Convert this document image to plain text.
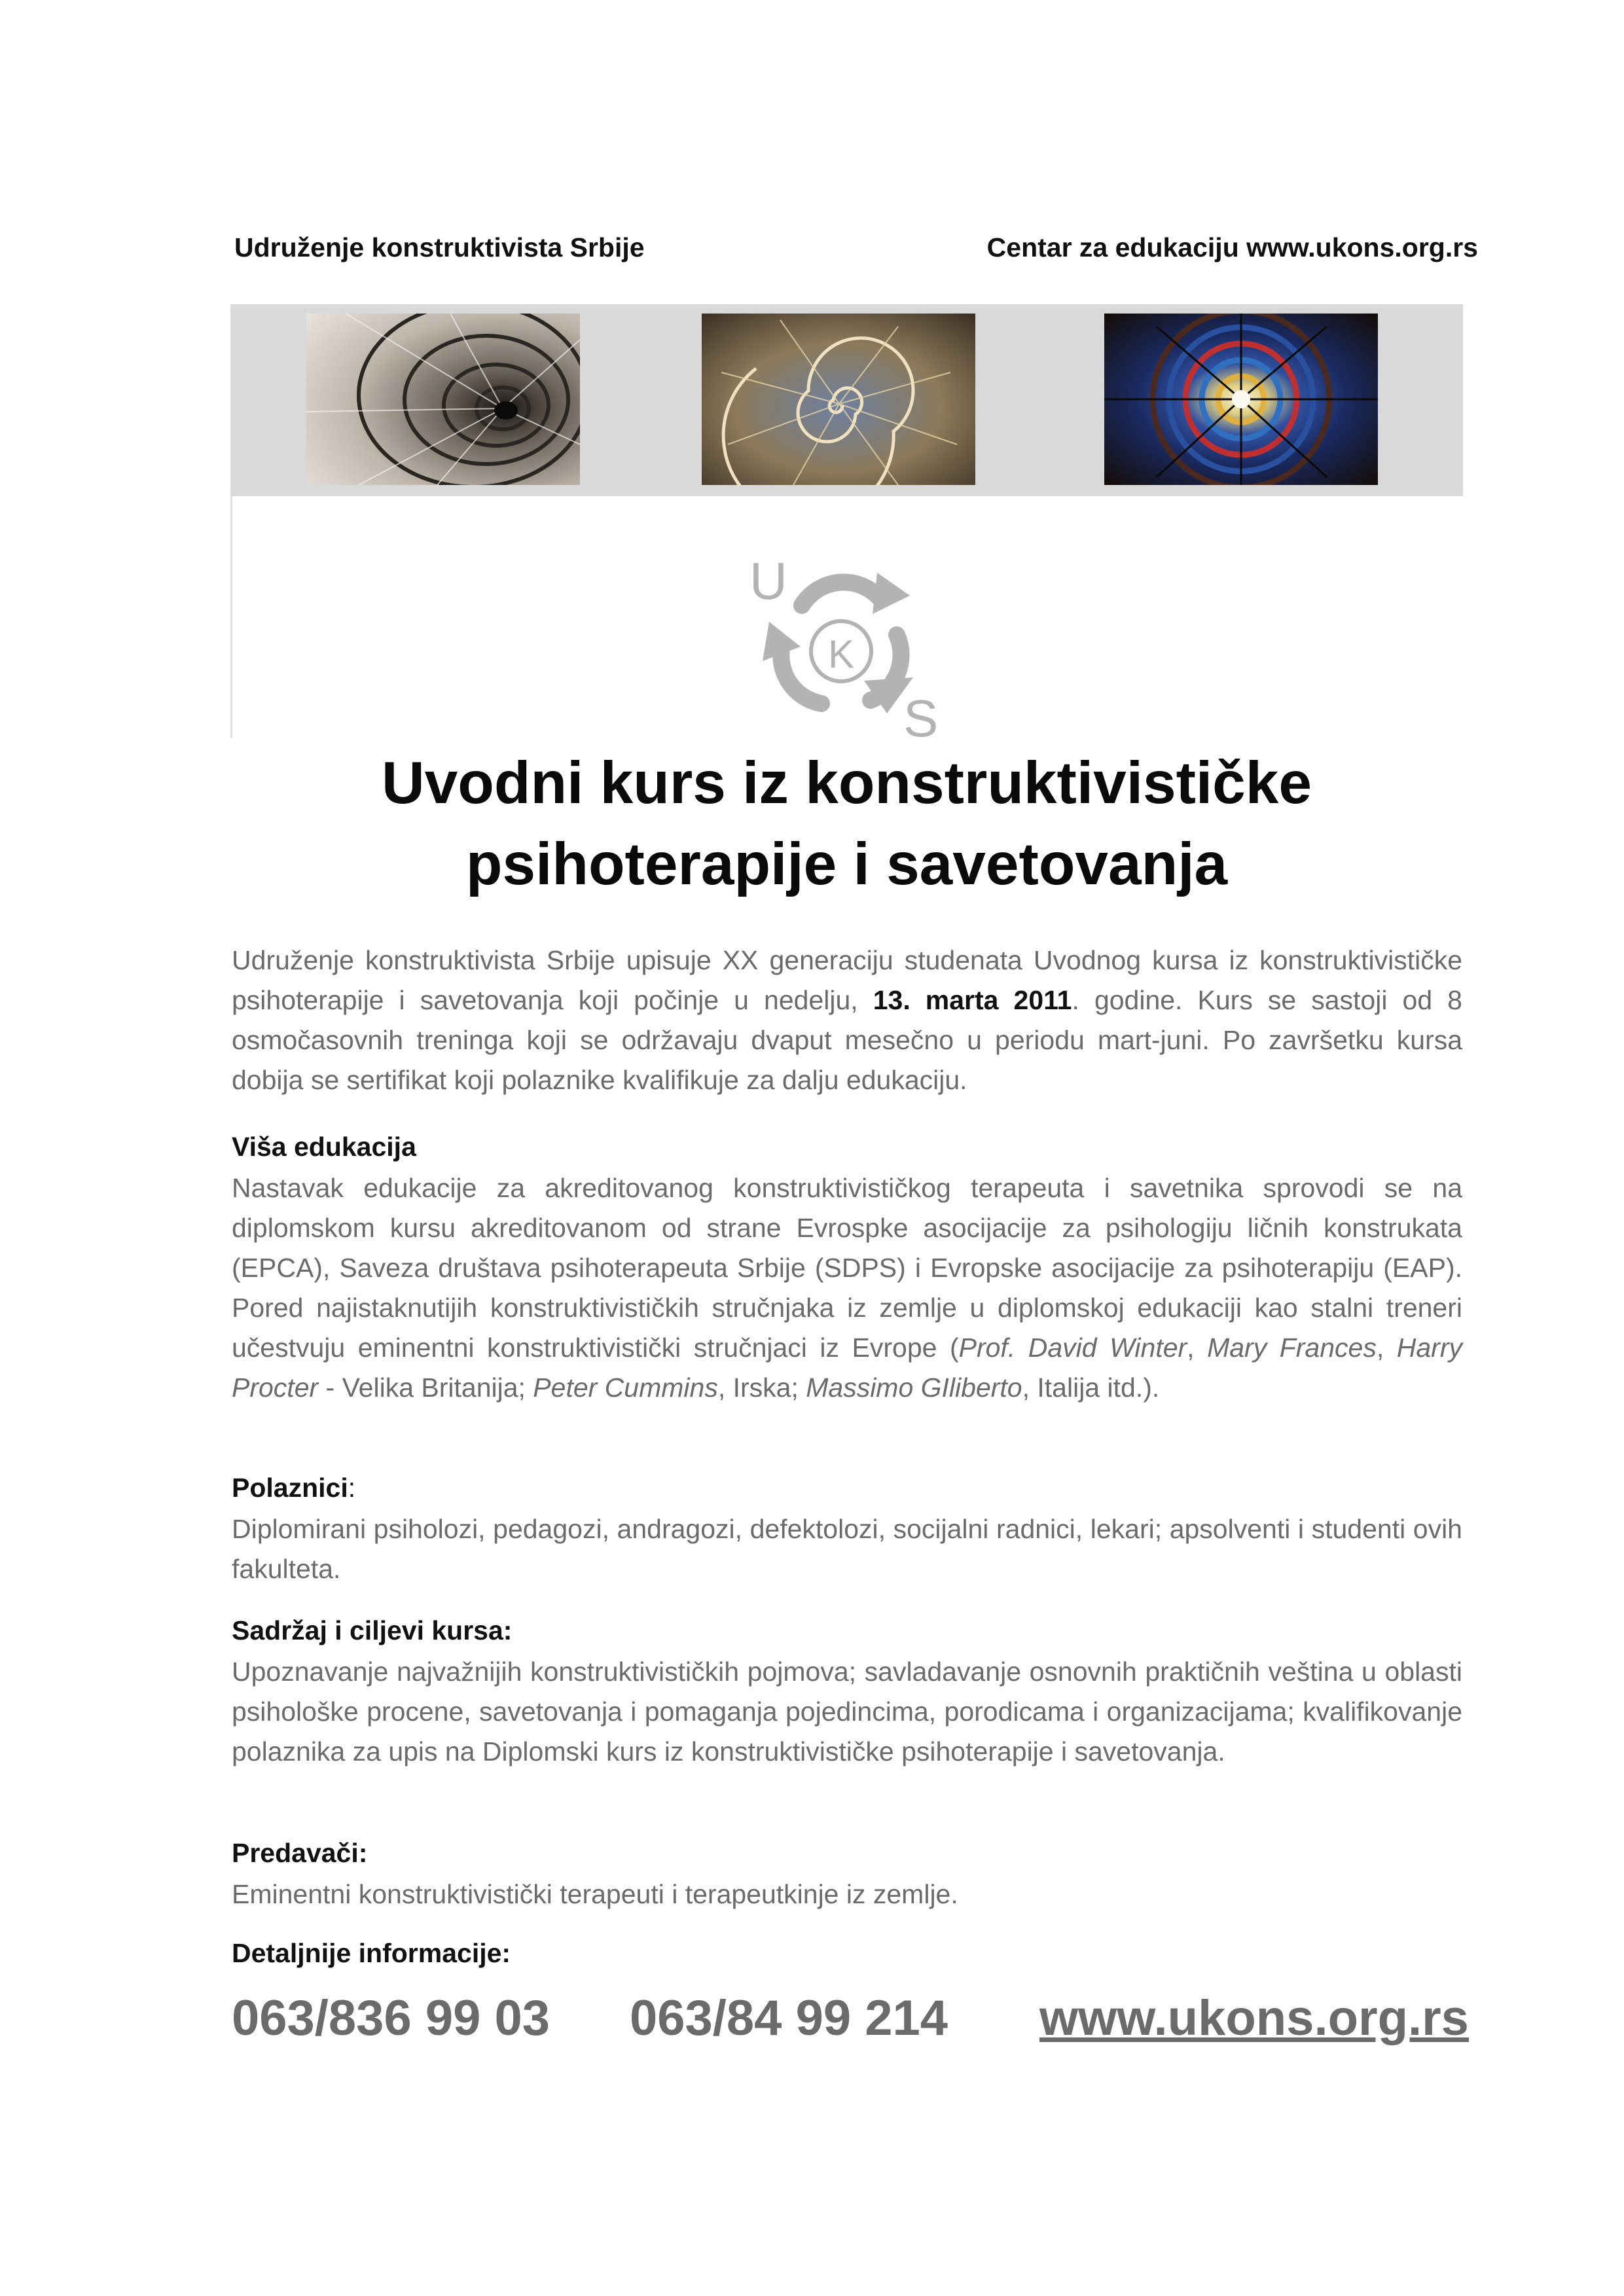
Udruženje konstruktivista Srbije	Centar za edukaciju www.ukons.org.rs
K
U
S
Uvodni kurs iz konstruktivističke
psihoterapije i savetovanja
Udruženje konstruktivista Srbije upisuje XX generaciju studenata Uvodnog kursa iz konstruktivističke psihoterapije i savetovanja koji počinje u nedelju, 13. marta 2011. godine. Kurs se sastoji od 8 osmočasovnih treninga koji se održavaju dvaput mesečno u periodu mart-juni. Po završetku kursa dobija se sertifikat koji polaznike kvalifikuje za dalju edukaciju.
Viša edukacija
Nastavak edukacije za akreditovanog konstruktivističkog terapeuta i savetnika sprovodi se na diplomskom kursu akreditovanom od strane Evrospke asocijacije za psihologiju ličnih konstrukata (EPCA), Saveza društava psihoterapeuta Srbije (SDPS) i Evropske asocijacije za psihoterapiju (EAP). Pored najistaknutijih konstruktivističkih stručnjaka iz zemlje u diplomskoj edukaciji kao stalni treneri učestvuju eminentni konstruktivistički stručnjaci iz Evrope (Prof. David Winter, Mary Frances, Harry Procter - Velika Britanija; Peter Cummins, Irska; Massimo GIliberto, Italija itd.).
Polaznici:
Diplomirani psiholozi, pedagozi, andragozi, defektolozi, socijalni radnici, lekari; apsolventi i studenti ovih fakulteta.
Sadržaj i ciljevi kursa:
Upoznavanje najvažnijih konstruktivističkih pojmova; savladavanje osnovnih praktičnih veština u oblasti psihološke procene, savetovanja i pomaganja pojedincima, porodicama i organizacijama; kvalifikovanje polaznika za upis na Diplomski kurs iz konstruktivističke psihoterapije i savetovanja.
Predavači:
Eminentni konstruktivistički terapeuti i terapeutkinje iz zemlje.
Detaljnije informacije:
063/836 99 03 063/84 99 214 www.ukons.org.rs
